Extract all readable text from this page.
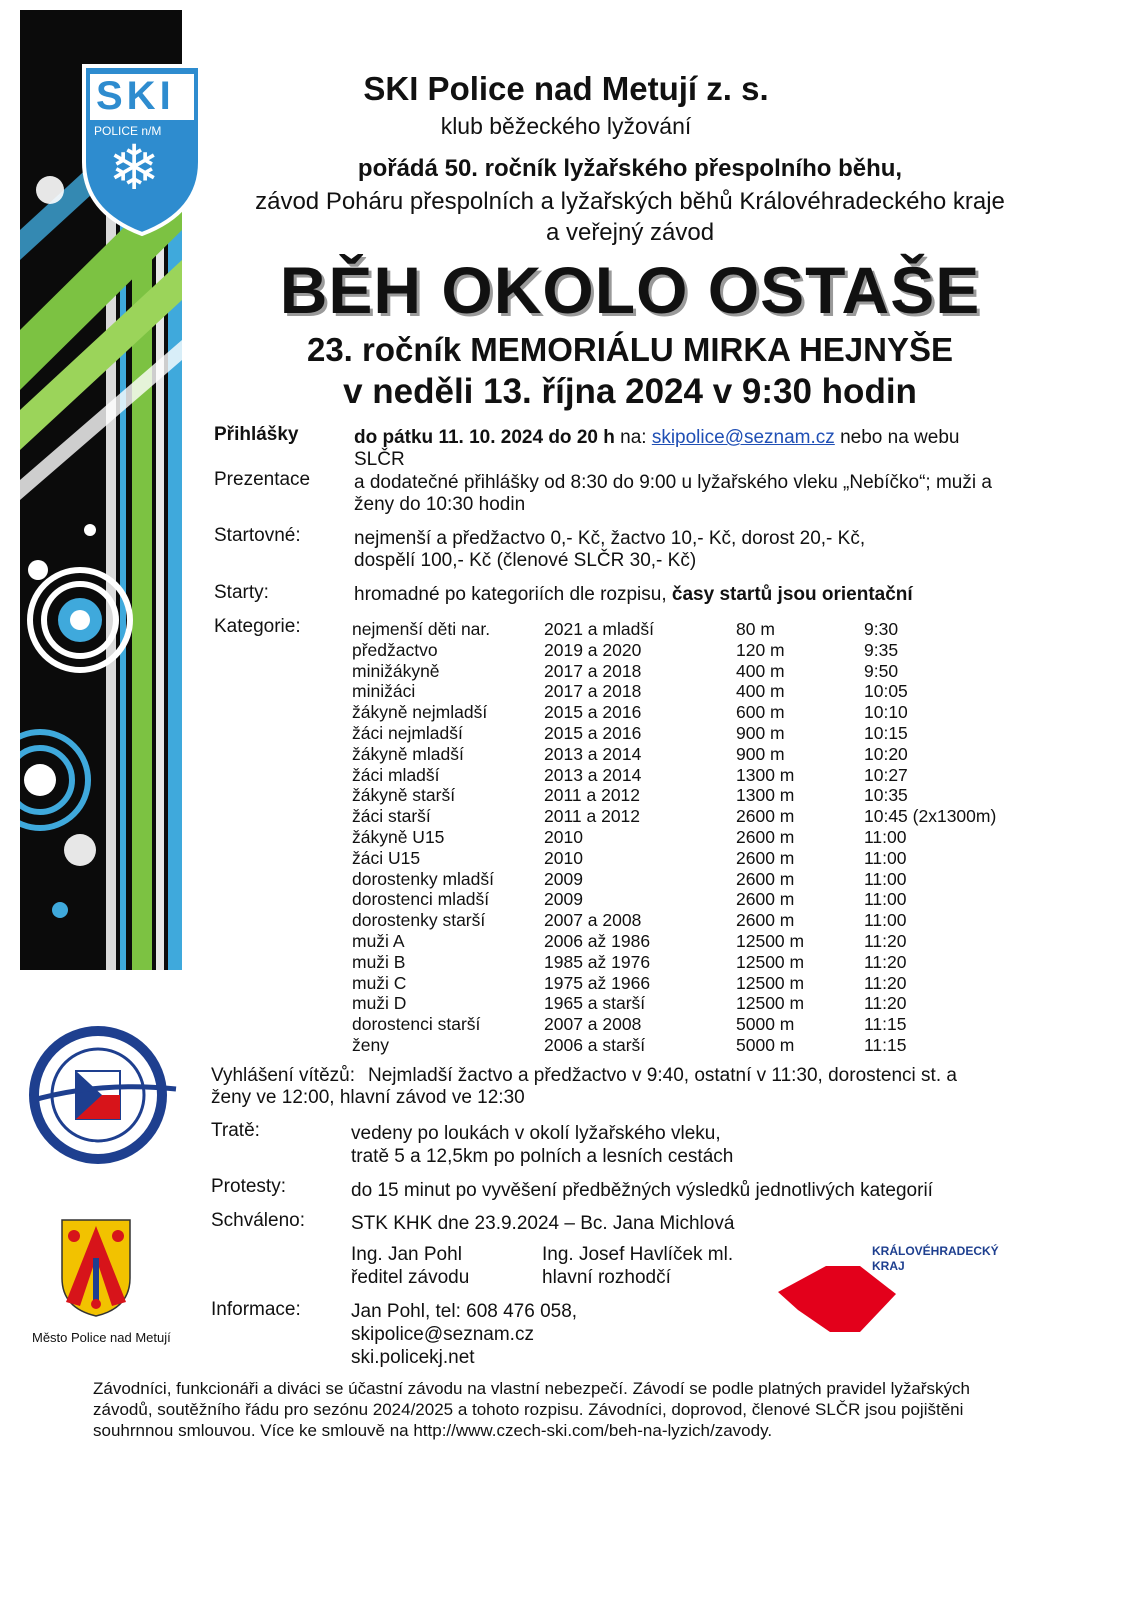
SKI
POLICE n/M
❄
SKI Police nad Metují z. s.
klub běžeckého lyžování
pořádá 50. ročník lyžařského přespolního běhu,
závod Poháru přespolních a lyžařských běhů Královéhradeckého kraje
a veřejný závod
BĚH OKOLO OSTAŠE
23. ročník MEMORIÁLU MIRKA HEJNYŠE
v neděli 13. října 2024 v 9:30 hodin
Přihlášky	do pátku 11. 10. 2024 do 20 h na: skipolice@seznam.cz nebo na webu SLČR
Prezentace a dodatečné přihlášky od 8:30 do 9:00 u lyžařského vleku „Nebíčko“; muži a ženy do 10:30 hodin
Startovné:	nejmenší a předžactvo 0,- Kč, žactvo 10,- Kč, dorost 20,- Kč, dospělí 100,- Kč (členové SLČR 30,- Kč)
Starty:	hromadné po kategoriích dle rozpisu, časy startů jsou orientační
Kategorie:	nejmenší děti nar.	2021 a mladší	80 m	9:30
předžactvo	2019 a 2020	120 m	9:35
minižákyně	2017 a 2018	400 m	9:50
minižáci	2017 a 2018	400 m	10:05
žákyně nejmladší	2015 a 2016	600 m	10:10
žáci nejmladší	2015 a 2016	900 m	10:15
žákyně mladší	2013 a 2014	900 m	10:20
žáci mladší	2013 a 2014	1300 m	10:27
žákyně starší	2011 a 2012	1300 m	10:35
žáci starší	2011 a 2012	2600 m	10:45 (2x1300m)
žákyně U15	2010	2600 m	11:00
žáci U15	2010	2600 m	11:00
dorostenky mladší	2009	2600 m	11:00
dorostenci mladší	2009	2600 m	11:00
dorostenky starší	2007 a 2008	2600 m	11:00
muži A	2006 až 1986	12500 m	11:20
muži B	1985 až 1976	12500 m	11:20
muži C	1975 až 1966	12500 m	11:20
muži D	1965 a starší	12500 m	11:20
dorostenci starší	2007 a 2008	5000 m	11:15
ženy	2006 a starší	5000 m	11:15
Vyhlášení vítězů: Nejmladší žactvo a předžactvo v 9:40, ostatní v 11:30, dorostenci st. a ženy ve 12:00, hlavní závod ve 12:30
Tratě:	vedeny po loukách v okolí lyžařského vleku,
tratě 5 a 12,5km po polních a lesních cestách
Protesty:	do 15 minut po vyvěšení předběžných výsledků jednotlivých kategorií
Schváleno: STK KHK dne 23.9.2024 – Bc. Jana Michlová
Ing. Jan Pohl
ředitel závodu
Ing. Josef Havlíček ml.
hlavní rozhodčí
Informace:	Jan Pohl, tel: 608 476 058,
skipolice@seznam.cz
ski.policekj.net
1903
Město Police nad Metují
KRÁLOVÉHRADECKÝ
KRAJ
Závodníci, funkcionáři a diváci se účastní závodu na vlastní nebezpečí. Závodí se podle platných pravidel lyžařských závodů, soutěžního řádu pro sezónu 2024/2025 a tohoto rozpisu. Závodníci, doprovod, členové SLČR jsou pojištěni souhrnnou smlouvou. Více ke smlouvě na http://www.czech-ski.com/beh-na-lyzich/zavody.
